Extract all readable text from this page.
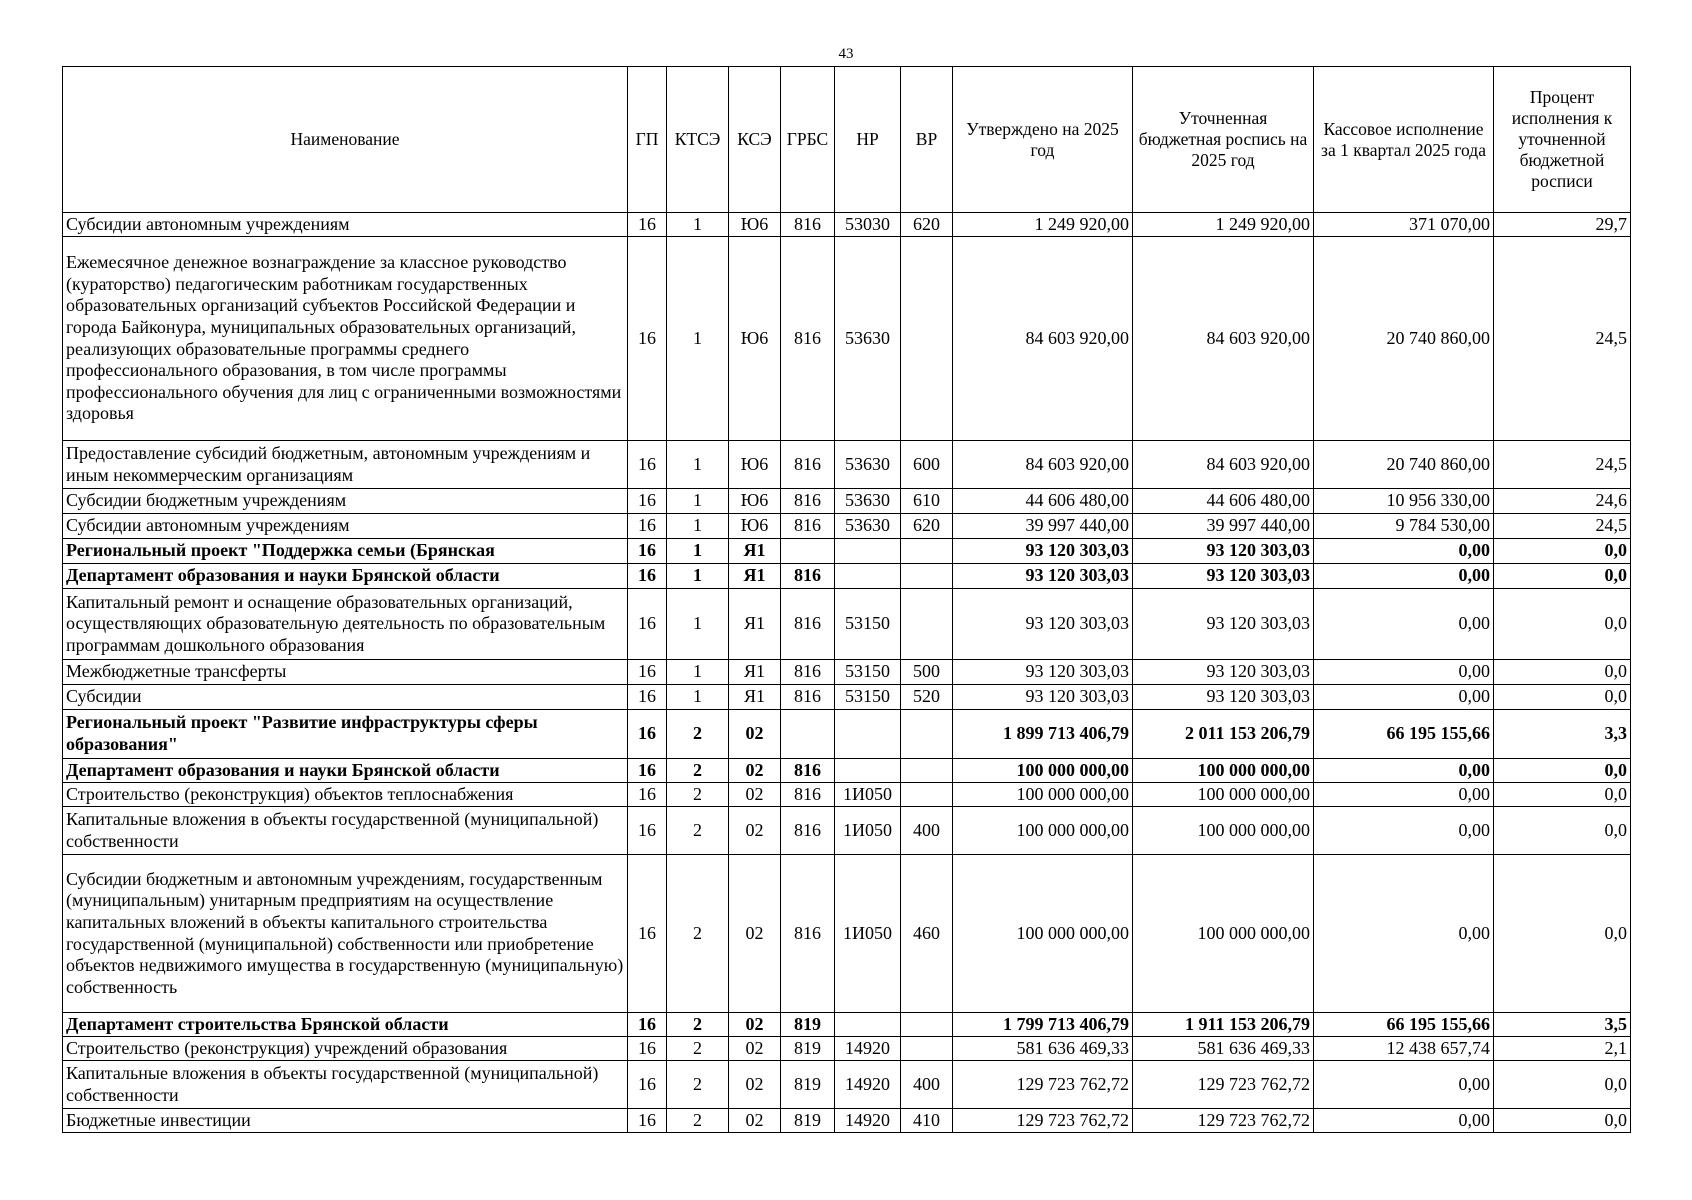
43
Наименование	ГП	КТСЭ	КСЭ	ГРБС	НР	ВР	Утверждено на 2025 год	Уточненная бюджетная роспись на 2025 год	Кассовое исполнение за 1 квартал 2025 года	Процент исполнения к уточненной бюджетной росписи
Субсидии автономным учреждениям	16	1	Ю6	816	53030	620	1 249 920,00	1 249 920,00	371 070,00	29,7
Ежемесячное денежное вознаграждение за классное руководство (кураторство) педагогическим работникам государственных образовательных организаций субъектов Российской Федерации и города Байконура, муниципальных образовательных организаций, реализующих образовательные программы среднего профессионального образования, в том числе программы профессионального обучения для лиц с ограниченными возможностями здоровья	16	1	Ю6	816	53630		84 603 920,00	84 603 920,00	20 740 860,00	24,5
Предоставление субсидий бюджетным, автономным учреждениям и иным некоммерческим организациям	16	1	Ю6	816	53630	600	84 603 920,00	84 603 920,00	20 740 860,00	24,5
Субсидии бюджетным учреждениям	16	1	Ю6	816	53630	610	44 606 480,00	44 606 480,00	10 956 330,00	24,6
Субсидии автономным учреждениям	16	1	Ю6	816	53630	620	39 997 440,00	39 997 440,00	9 784 530,00	24,5
Региональный проект "Поддержка семьи (Брянская	16	1	Я1				93 120 303,03	93 120 303,03	0,00	0,0
Департамент образования и науки Брянской области	16	1	Я1	816			93 120 303,03	93 120 303,03	0,00	0,0
Капитальный ремонт и оснащение образовательных организаций, осуществляющих образовательную деятельность по образовательным программам дошкольного образования	16	1	Я1	816	53150		93 120 303,03	93 120 303,03	0,00	0,0
Межбюджетные трансферты	16	1	Я1	816	53150	500	93 120 303,03	93 120 303,03	0,00	0,0
Субсидии	16	1	Я1	816	53150	520	93 120 303,03	93 120 303,03	0,00	0,0
Региональный проект "Развитие инфраструктуры сферы образования"	16	2	02				1 899 713 406,79	2 011 153 206,79	66 195 155,66	3,3
Департамент образования и науки Брянской области	16	2	02	816			100 000 000,00	100 000 000,00	0,00	0,0
Строительство (реконструкция) объектов теплоснабжения	16	2	02	816	1И050		100 000 000,00	100 000 000,00	0,00	0,0
Капитальные вложения в объекты государственной (муниципальной) собственности	16	2	02	816	1И050	400	100 000 000,00	100 000 000,00	0,00	0,0
Субсидии бюджетным и автономным учреждениям, государственным (муниципальным) унитарным предприятиям на осуществление капитальных вложений в объекты капитального строительства государственной (муниципальной) собственности или приобретение объектов недвижимого имущества в государственную (муниципальную) собственность	16	2	02	816	1И050	460	100 000 000,00	100 000 000,00	0,00	0,0
Департамент строительства Брянской области	16	2	02	819			1 799 713 406,79	1 911 153 206,79	66 195 155,66	3,5
Строительство (реконструкция) учреждений образования	16	2	02	819	14920		581 636 469,33	581 636 469,33	12 438 657,74	2,1
Капитальные вложения в объекты государственной (муниципальной) собственности	16	2	02	819	14920	400	129 723 762,72	129 723 762,72	0,00	0,0
Бюджетные инвестиции	16	2	02	819	14920	410	129 723 762,72	129 723 762,72	0,00	0,0
